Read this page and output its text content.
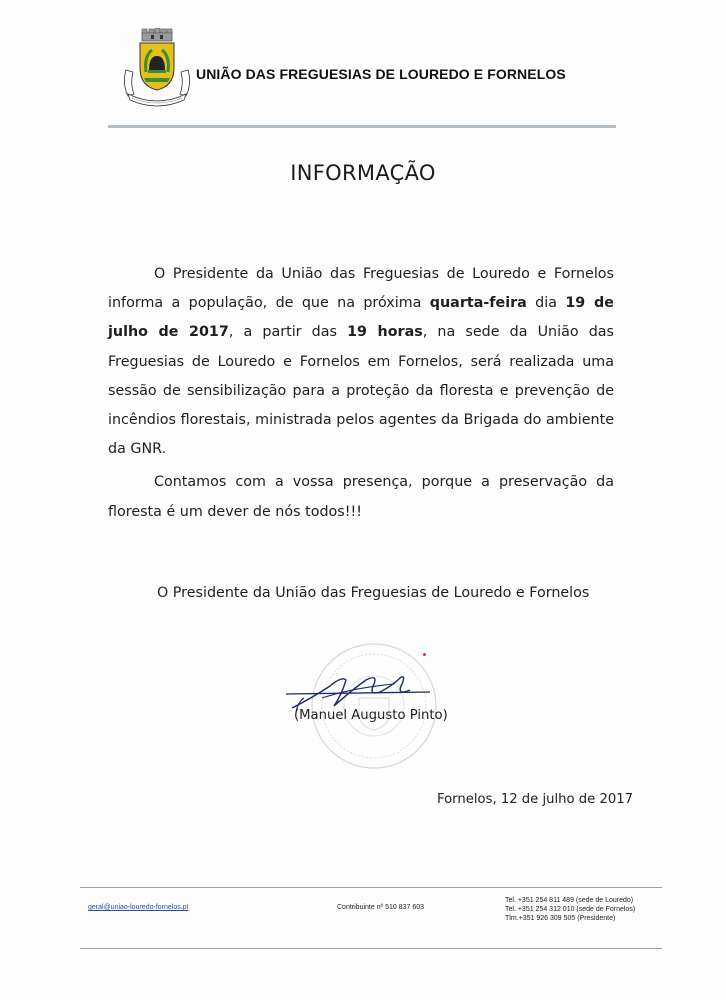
UNIÃO DAS FREGUESIAS DE LOUREDO E FORNELOS
INFORMAÇÃO

O Presidente da União das Freguesias de Louredo e Fornelos informa a população, de que na próxima quarta-feira dia 19 de julho de 2017, a partir das 19 horas, na sede da União das Freguesias de Louredo e Fornelos em Fornelos, será realizada uma sessão de sensibilização para a proteção da floresta e prevenção de incêndios florestais, ministrada pelos agentes da Brigada do ambiente da GNR.

Contamos com a vossa presença, porque a preservação da floresta é um dever de nós todos!!!

O Presidente da União das Freguesias de Louredo e Fornelos
(Manuel Augusto Pinto)
Fornelos, 12 de julho de 2017
geral@uniao-louredo-fornelos.pt	Contribuinte nº 510 837 603
Tel. +351 254 811 489 (sede de Louredo)
Tel. +351 254 312 010 (sede de Fornelos)
Tlm.+351 926 309 505 (Presidente)
